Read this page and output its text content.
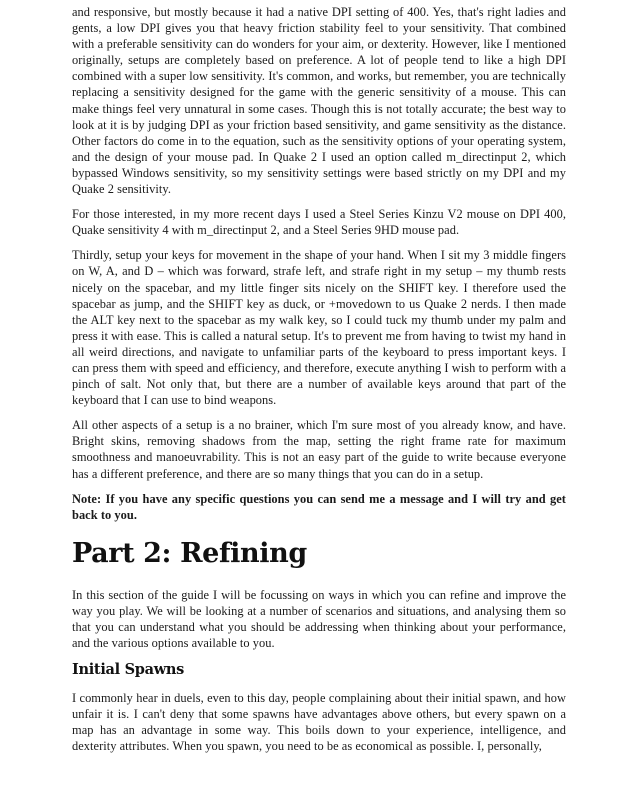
and responsive, but mostly because it had a native DPI setting of 400. Yes, that's right ladies and gents, a low DPI gives you that heavy friction stability feel to your sensitivity. That combined with a preferable sensitivity can do wonders for your aim, or dexterity. However, like I mentioned originally, setups are completely based on preference. A lot of people tend to like a high DPI combined with a super low sensitivity. It's common, and works, but remember, you are technically replacing a sensitivity designed for the game with the generic sensitivity of a mouse. This can make things feel very unnatural in some cases. Though this is not totally accurate; the best way to look at it is by judging DPI as your friction based sensitivity, and game sensitivity as the distance. Other factors do come in to the equation, such as the sensitivity options of your operating system, and the design of your mouse pad. In Quake 2 I used an option called m_directinput 2, which bypassed Windows sensitivity, so my sensitivity settings were based strictly on my DPI and my Quake 2 sensitivity.

For those interested, in my more recent days I used a Steel Series Kinzu V2 mouse on DPI 400, Quake sensitivity 4 with m_directinput 2, and a Steel Series 9HD mouse pad.

Thirdly, setup your keys for movement in the shape of your hand. When I sit my 3 middle fingers on W, A, and D – which was forward, strafe left, and strafe right in my setup – my thumb rests nicely on the spacebar, and my little finger sits nicely on the SHIFT key. I therefore used the spacebar as jump, and the SHIFT key as duck, or +movedown to us Quake 2 nerds. I then made the ALT key next to the spacebar as my walk key, so I could tuck my thumb under my palm and press it with ease. This is called a natural setup. It's to prevent me from having to twist my hand in all weird directions, and navigate to unfamiliar parts of the keyboard to press important keys. I can press them with speed and efficiency, and therefore, execute anything I wish to perform with a pinch of salt. Not only that, but there are a number of available keys around that part of the keyboard that I can use to bind weapons.

All other aspects of a setup is a no brainer, which I'm sure most of you already know, and have. Bright skins, removing shadows from the map, setting the right frame rate for maximum smoothness and manoeuvrability. This is not an easy part of the guide to write because everyone has a different preference, and there are so many things that you can do in a setup.

Note: If you have any specific questions you can send me a message and I will try and get back to you.

Part 2: Refining

In this section of the guide I will be focussing on ways in which you can refine and improve the way you play. We will be looking at a number of scenarios and situations, and analysing them so that you can understand what you should be addressing when thinking about your performance, and the various options available to you.

Initial Spawns

I commonly hear in duels, even to this day, people complaining about their initial spawn, and how unfair it is. I can't deny that some spawns have advantages above others, but every spawn on a map has an advantage in some way. This boils down to your experience, intelligence, and dexterity attributes. When you spawn, you need to be as economical as possible. I, personally,
